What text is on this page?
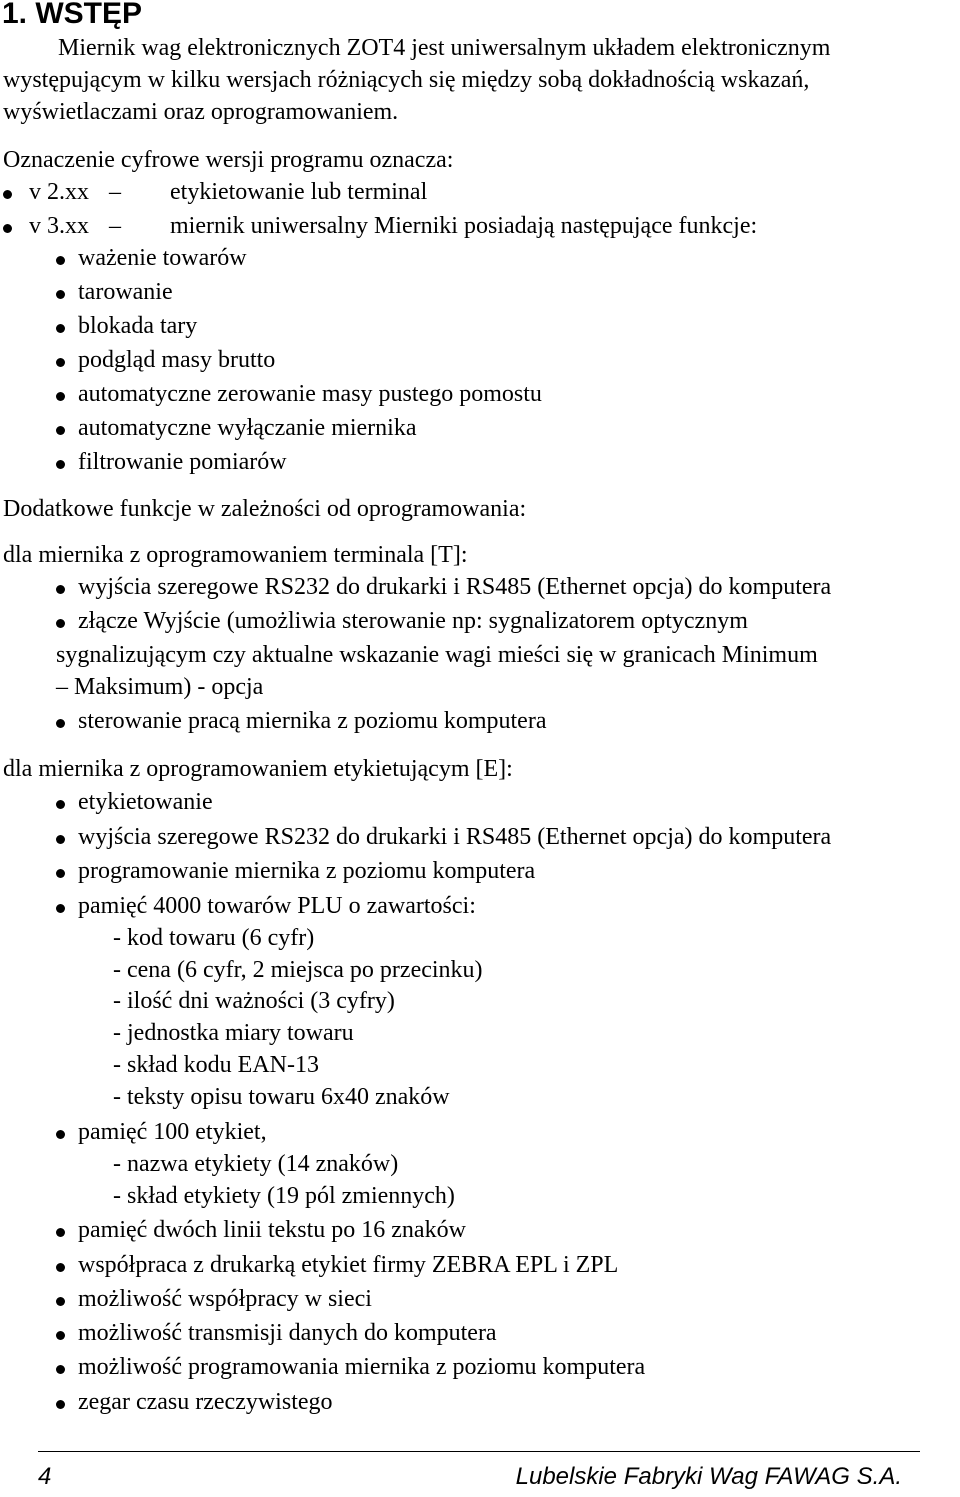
1. WSTĘP
Miernik wag elektronicznych ZOT4 jest uniwersalnym układem elektronicznym
występującym w kilku wersjach różniących się między sobą dokładnością wskazań,
wyświetlaczami oraz oprogramowaniem.
Oznaczenie cyfrowe wersji programu oznacza:
v 2.xx – etykietowanie lub terminal
v 3.xx – miernik uniwersalny Mierniki posiadają następujące funkcje:
ważenie towarów
tarowanie
blokada tary
podgląd masy brutto
automatyczne zerowanie masy pustego pomostu
automatyczne wyłączanie miernika
filtrowanie pomiarów
Dodatkowe funkcje w zależności od oprogramowania:
dla miernika z oprogramowaniem terminala [T]:
wyjścia szeregowe RS232 do drukarki i RS485 (Ethernet opcja) do komputera
złącze Wyjście (umożliwia sterowanie np: sygnalizatorem optycznym
sygnalizującym czy aktualne wskazanie wagi mieści się w granicach Minimum
– Maksimum) - opcja
sterowanie pracą miernika z poziomu komputera
dla miernika z oprogramowaniem etykietującym [E]:
etykietowanie
wyjścia szeregowe RS232 do drukarki i RS485 (Ethernet opcja) do komputera
programowanie miernika z poziomu komputera
pamięć 4000 towarów PLU o zawartości:
- kod towaru (6 cyfr)
- cena (6 cyfr, 2 miejsca po przecinku)
- ilość dni ważności (3 cyfry)
- jednostka miary towaru
- skład kodu EAN-13
- teksty opisu towaru 6x40 znaków
pamięć 100 etykiet,
- nazwa etykiety (14 znaków)
- skład etykiety (19 pól zmiennych)
pamięć dwóch linii tekstu po 16 znaków
współpraca z drukarką etykiet firmy ZEBRA EPL i ZPL
możliwość współpracy w sieci
możliwość transmisji danych do komputera
możliwość programowania miernika z poziomu komputera
zegar czasu rzeczywistego
4	Lubelskie Fabryki Wag FAWAG S.A.
